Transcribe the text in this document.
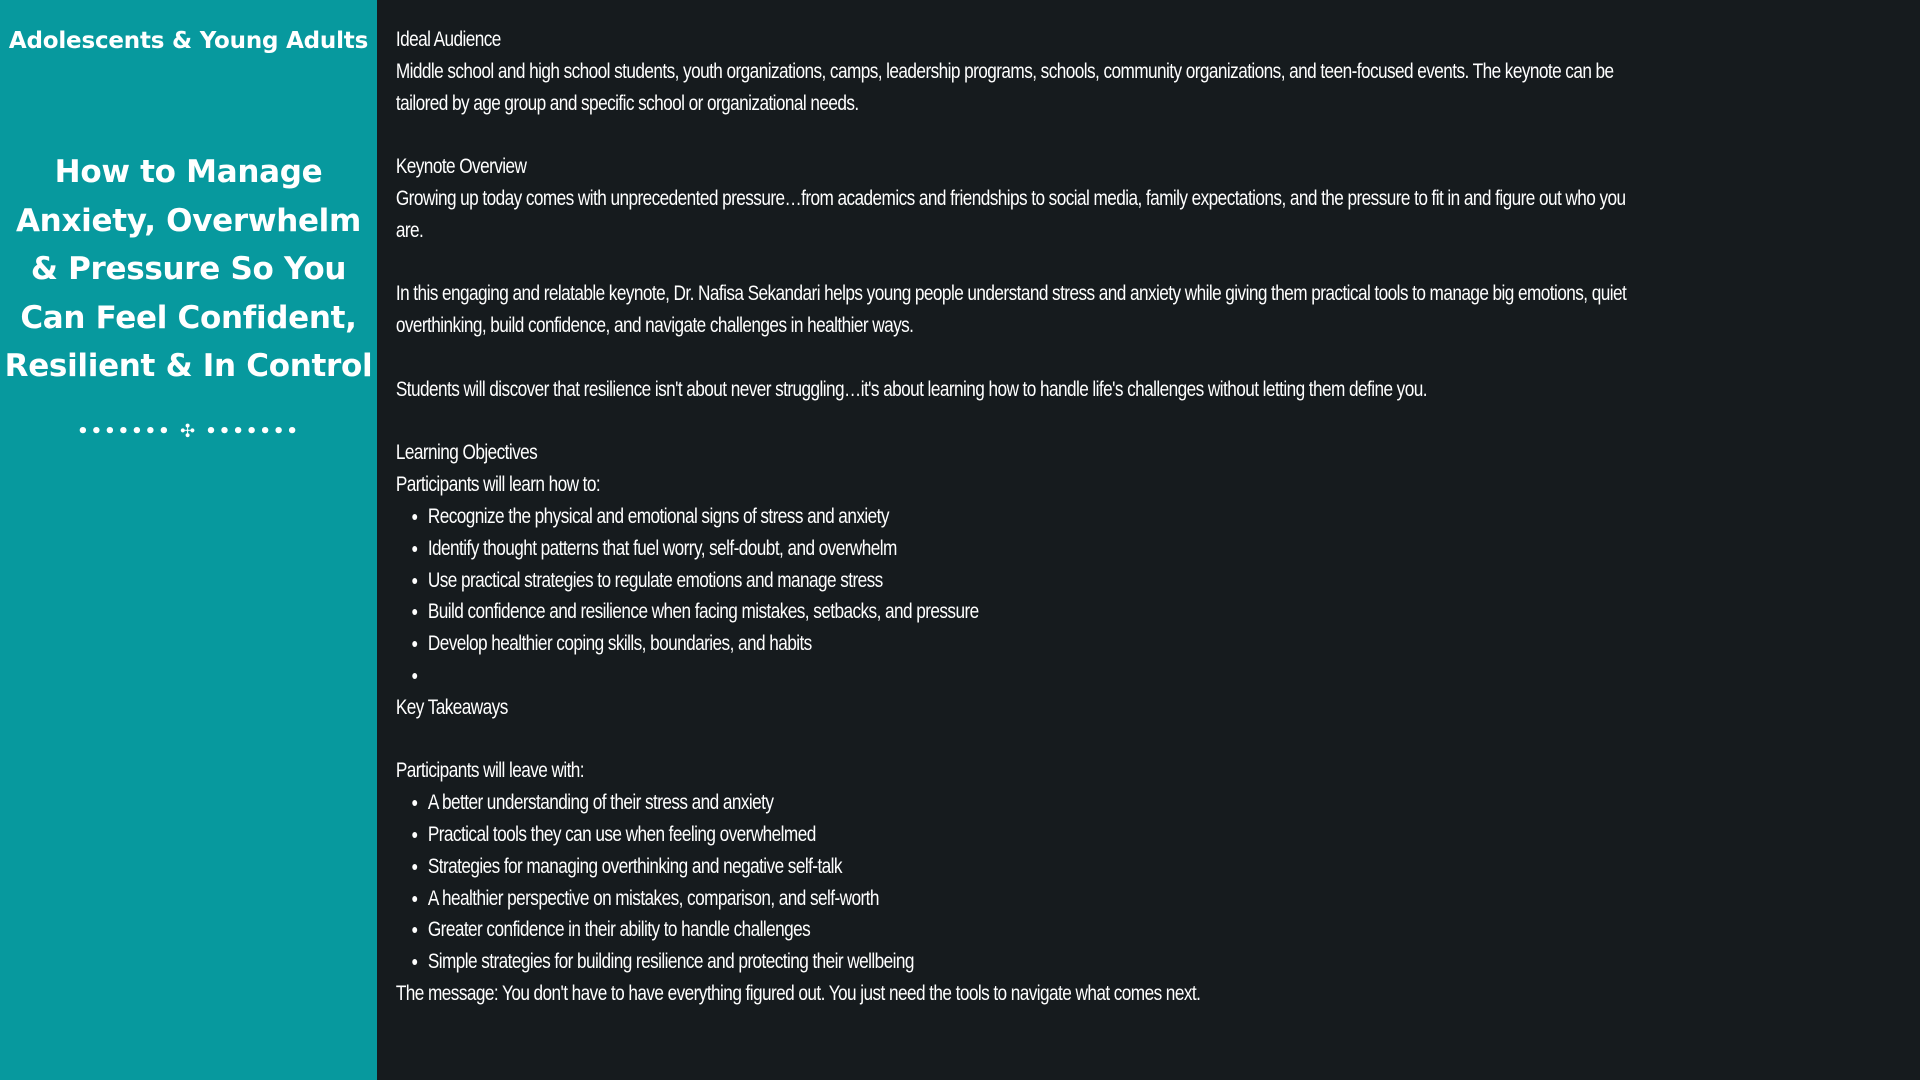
Adolescents & Young Adults
How to Manage Anxiety, Overwhelm & Pressure So You Can Feel Confident, Resilient & In Control
••••••• ✣ •••••••

Ideal Audience

Middle school and high school students, youth organizations, camps, leadership programs, schools, community organizations, and teen-focused events. The keynote can be tailored by age group and specific school or organizational needs.

Keynote Overview

Growing up today comes with unprecedented pressure…from academics and friendships to social media, family expectations, and the pressure to fit in and figure out who you are.

In this engaging and relatable keynote, Dr. Nafisa Sekandari helps young people understand stress and anxiety while giving them practical tools to manage big emotions, quiet overthinking, build confidence, and navigate challenges in healthier ways.

Students will discover that resilience isn't about never struggling…it's about learning how to handle life's challenges without letting them define you.

Learning Objectives

Participants will learn how to:

• Recognize the physical and emotional signs of stress and anxiety
• Identify thought patterns that fuel worry, self-doubt, and overwhelm
• Use practical strategies to regulate emotions and manage stress
• Build confidence and resilience when facing mistakes, setbacks, and pressure
• Develop healthier coping skills, boundaries, and habits
•

Key Takeaways

Participants will leave with:

• A better understanding of their stress and anxiety
• Practical tools they can use when feeling overwhelmed
• Strategies for managing overthinking and negative self-talk
• A healthier perspective on mistakes, comparison, and self-worth
• Greater confidence in their ability to handle challenges
• Simple strategies for building resilience and protecting their wellbeing

The message: You don't have to have everything figured out. You just need the tools to navigate what comes next.
